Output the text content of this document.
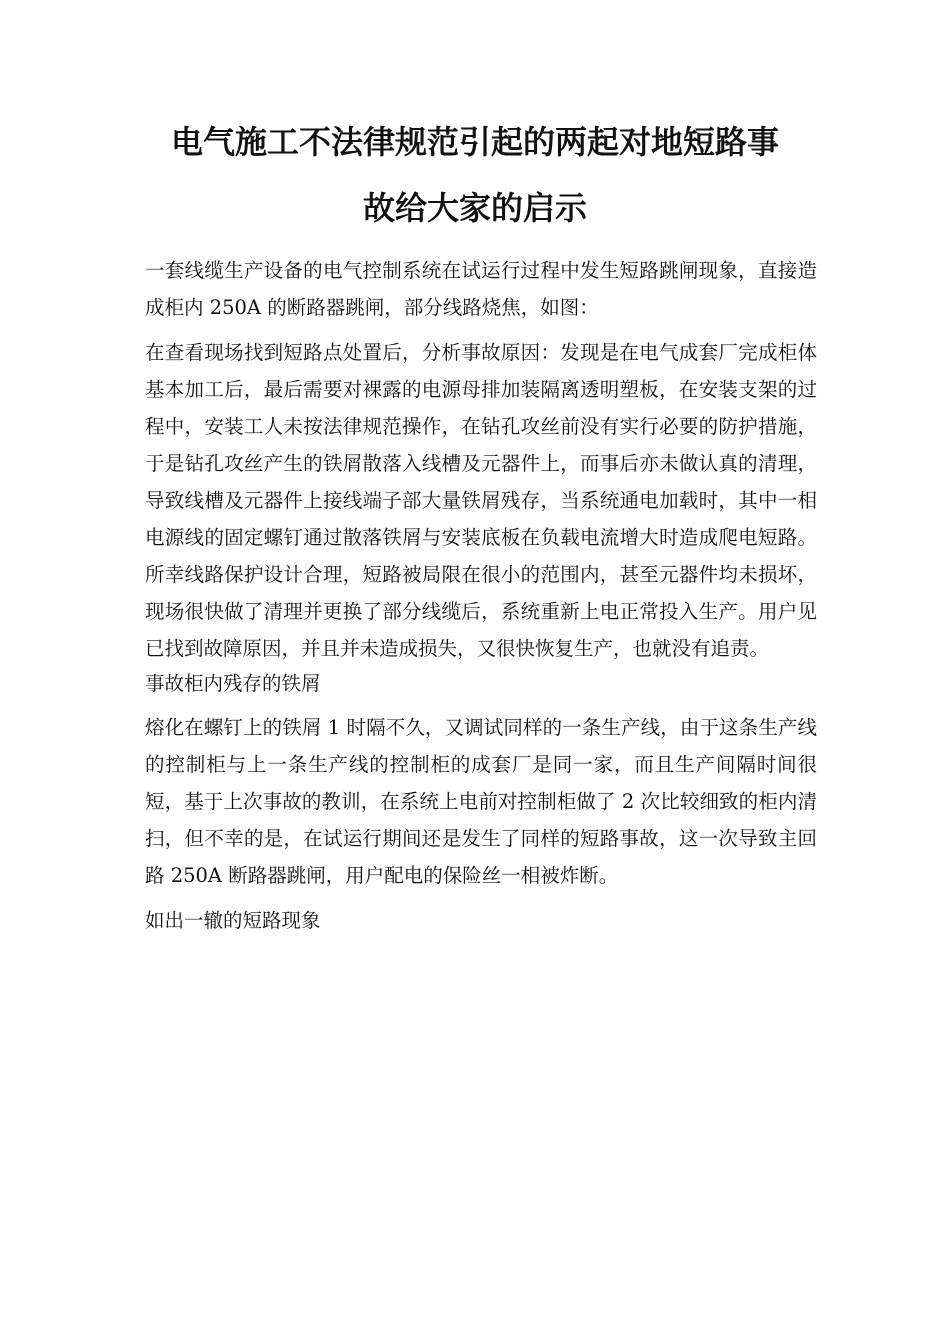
电气施工不法律规范引起的两起对地短路事
故给大家的启示

一套线缆生产设备的电气控制系统在试运行过程中发生短路跳闸现象，直接造成柜内 250A 的断路器跳闸，部分线路烧焦，如图：

在查看现场找到短路点处置后，分析事故原因：发现是在电气成套厂完成柜体基本加工后，最后需要对裸露的电源母排加装隔离透明塑板，在安装支架的过程中，安装工人未按法律规范操作，在钻孔攻丝前没有实行必要的防护措施，于是钻孔攻丝产生的铁屑散落入线槽及元器件上，而事后亦未做认真的清理，导致线槽及元器件上接线端子部大量铁屑残存，当系统通电加载时，其中一相电源线的固定螺钉通过散落铁屑与安装底板在负载电流增大时造成爬电短路。所幸线路保护设计合理，短路被局限在很小的范围内，甚至元器件均未损坏，现场很快做了清理并更换了部分线缆后，系统重新上电正常投入生产。用户见已找到故障原因，并且并未造成损失，又很快恢复生产，也就没有追责。

事故柜内残存的铁屑

熔化在螺钉上的铁屑 1 时隔不久，又调试同样的一条生产线，由于这条生产线的控制柜与上一条生产线的控制柜的成套厂是同一家，而且生产间隔时间很短，基于上次事故的教训，在系统上电前对控制柜做了 2 次比较细致的柜内清扫，但不幸的是，在试运行期间还是发生了同样的短路事故，这一次导致主回路 250A 断路器跳闸，用户配电的保险丝一相被炸断。

如出一辙的短路现象
